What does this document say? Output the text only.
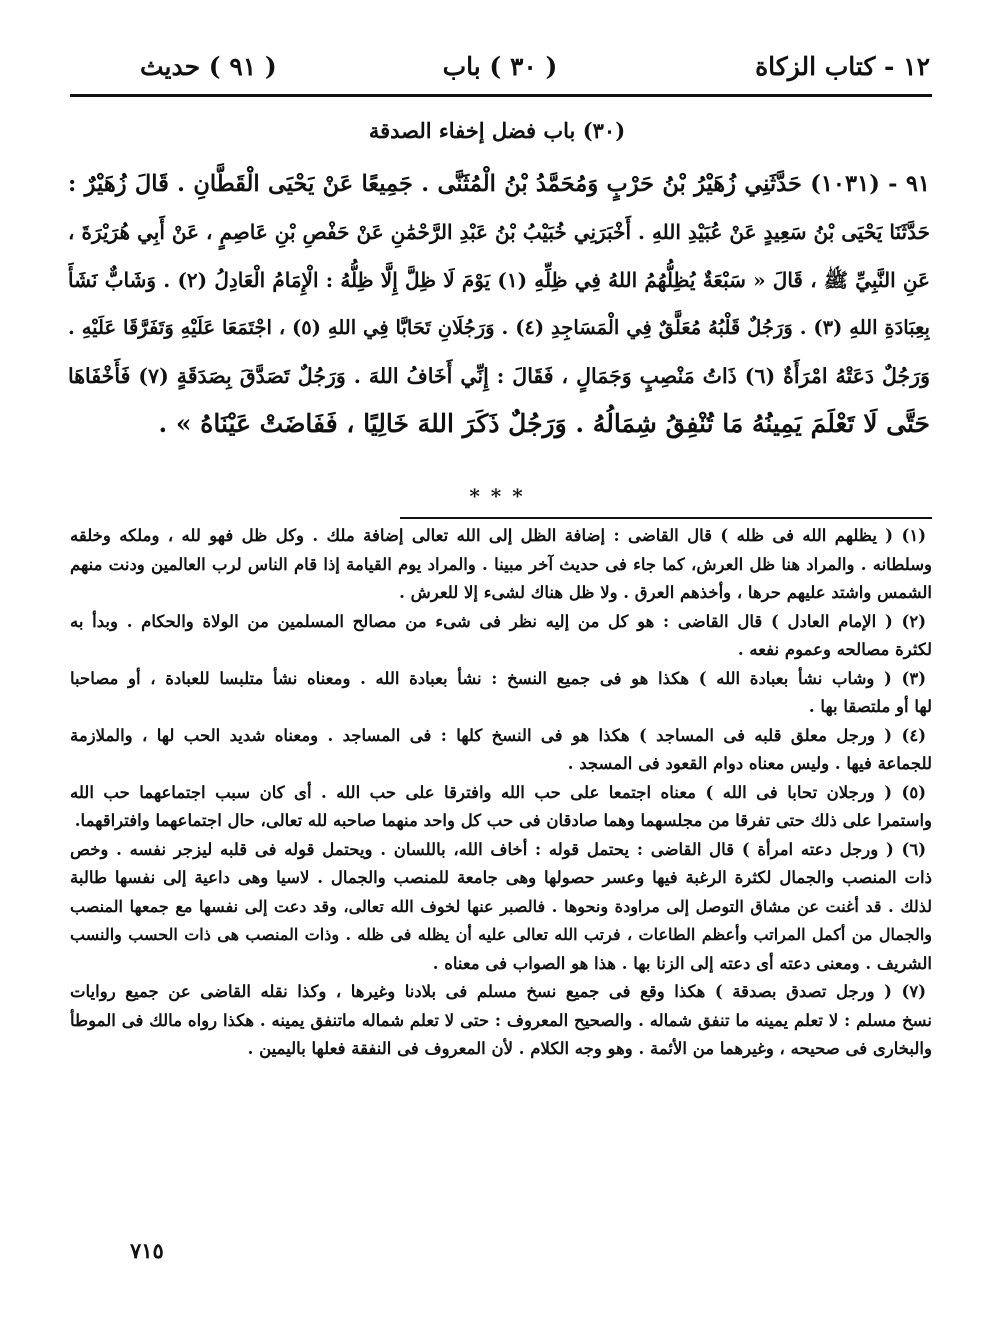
١٢ - كتاب الزكاة
( ٣٠ ) باب
( ٩١ ) حديث
(٣٠) باب فضل إخفاء الصدقة
٩١ - (١٠٣١) حَدَّثَنِي زُهَيْرُ بْنُ حَرْبٍ وَمُحَمَّدُ بْنُ الْمُثَنَّى . جَمِيعًا عَنْ يَحْيَى الْقَطَّانِ . قَالَ زُهَيْرٌ :
حَدَّثَنَا يَحْيَى بْنُ سَعِيدٍ عَنْ عُبَيْدِ اللهِ . أَخْبَرَنِي خُبَيْبُ بْنُ عَبْدِ الرَّحْمَٰنِ عَنْ حَفْصِ بْنِ عَاصِمٍ ، عَنْ أَبِي هُرَيْرَةَ ،
عَنِ النَّبِيِّ ﷺ ، قَالَ « سَبْعَةٌ يُظِلُّهُمُ اللهُ فِي ظِلِّهِ (١) يَوْمَ لَا ظِلَّ إِلَّا ظِلُّهُ : الْإِمَامُ الْعَادِلُ (٢) . وَشَابٌّ نَشَأَ
بِعِبَادَةِ اللهِ (٣) . وَرَجُلٌ قَلْبُهُ مُعَلَّقٌ فِي الْمَسَاجِدِ (٤) . وَرَجُلَانِ تَحَابَّا فِي اللهِ (٥) ، اجْتَمَعَا عَلَيْهِ وَتَفَرَّقَا عَلَيْهِ .
وَرَجُلٌ دَعَتْهُ امْرَأَةٌ (٦) ذَاتُ مَنْصِبٍ وَجَمَالٍ ، فَقَالَ : إِنِّي أَخَافُ اللهَ . وَرَجُلٌ تَصَدَّقَ بِصَدَقَةٍ (٧) فَأَخْفَاهَا
حَتَّى لَا تَعْلَمَ يَمِينُهُ مَا تُنْفِقُ شِمَالُهُ . وَرَجُلٌ ذَكَرَ اللهَ خَالِيًا ، فَفَاضَتْ عَيْنَاهُ » .
* * *
(١) ( يظلهم الله فى ظله ) قال القاضى : إضافة الظل إلى الله تعالى إضافة ملك . وكل ظل فهو لله ، وملكه وخلقه
وسلطانه . والمراد هنا ظل العرش، كما جاء فى حديث آخر مبينا . والمراد يوم القيامة إذا قام الناس لرب العالمين ودنت منهم
الشمس واشتد عليهم حرها ، وأخذهم العرق . ولا ظل هناك لشىء إلا للعرش .
(٢) ( الإمام العادل ) قال القاضى : هو كل من إليه نظر فى شىء من مصالح المسلمين من الولاة والحكام . وبدأ به
لكثرة مصالحه وعموم نفعه .
(٣) ( وشاب نشأ بعبادة الله ) هكذا هو فى جميع النسخ : نشأ بعبادة الله . ومعناه نشأ متلبسا للعبادة ، أو مصاحبا
لها أو ملتصقا بها .
(٤) ( ورجل معلق قلبه فى المساجد ) هكذا هو فى النسخ كلها : فى المساجد . ومعناه شديد الحب لها ، والملازمة
للجماعة فيها . وليس معناه دوام القعود فى المسجد .
(٥) ( ورجلان تحابا فى الله ) معناه اجتمعا على حب الله وافترقا على حب الله . أى كان سبب اجتماعهما حب الله
واستمرا على ذلك حتى تفرقا من مجلسهما وهما صادقان فى حب كل واحد منهما صاحبه لله تعالى، حال اجتماعهما وافتراقهما.
(٦) ( ورجل دعته امرأة ) قال القاضى : يحتمل قوله : أخاف الله، باللسان . ويحتمل قوله فى قلبه ليزجر نفسه . وخص
ذات المنصب والجمال لكثرة الرغبة فيها وعسر حصولها وهى جامعة للمنصب والجمال . لاسيا وهى داعية إلى نفسها طالبة
لذلك . قد أغنت عن مشاق التوصل إلى مراودة ونحوها . فالصبر عنها لخوف الله تعالى، وقد دعت إلى نفسها مع جمعها المنصب
والجمال من أكمل المراتب وأعظم الطاعات ، فرتب الله تعالى عليه أن يظله فى ظله . وذات المنصب هى ذات الحسب والنسب
الشريف . ومعنى دعته أى دعته إلى الزنا بها . هذا هو الصواب فى معناه .
(٧) ( ورجل تصدق بصدقة ) هكذا وقع فى جميع نسخ مسلم فى بلادنا وغيرها ، وكذا نقله القاضى عن جميع روايات
نسخ مسلم : لا تعلم يمينه ما تنفق شماله . والصحيح المعروف : حتى لا تعلم شماله ماتنفق يمينه . هكذا رواه مالك فى الموطأ
والبخارى فى صحيحه ، وغيرهما من الأئمة . وهو وجه الكلام . لأن المعروف فى النفقة فعلها باليمين .
٧١٥
